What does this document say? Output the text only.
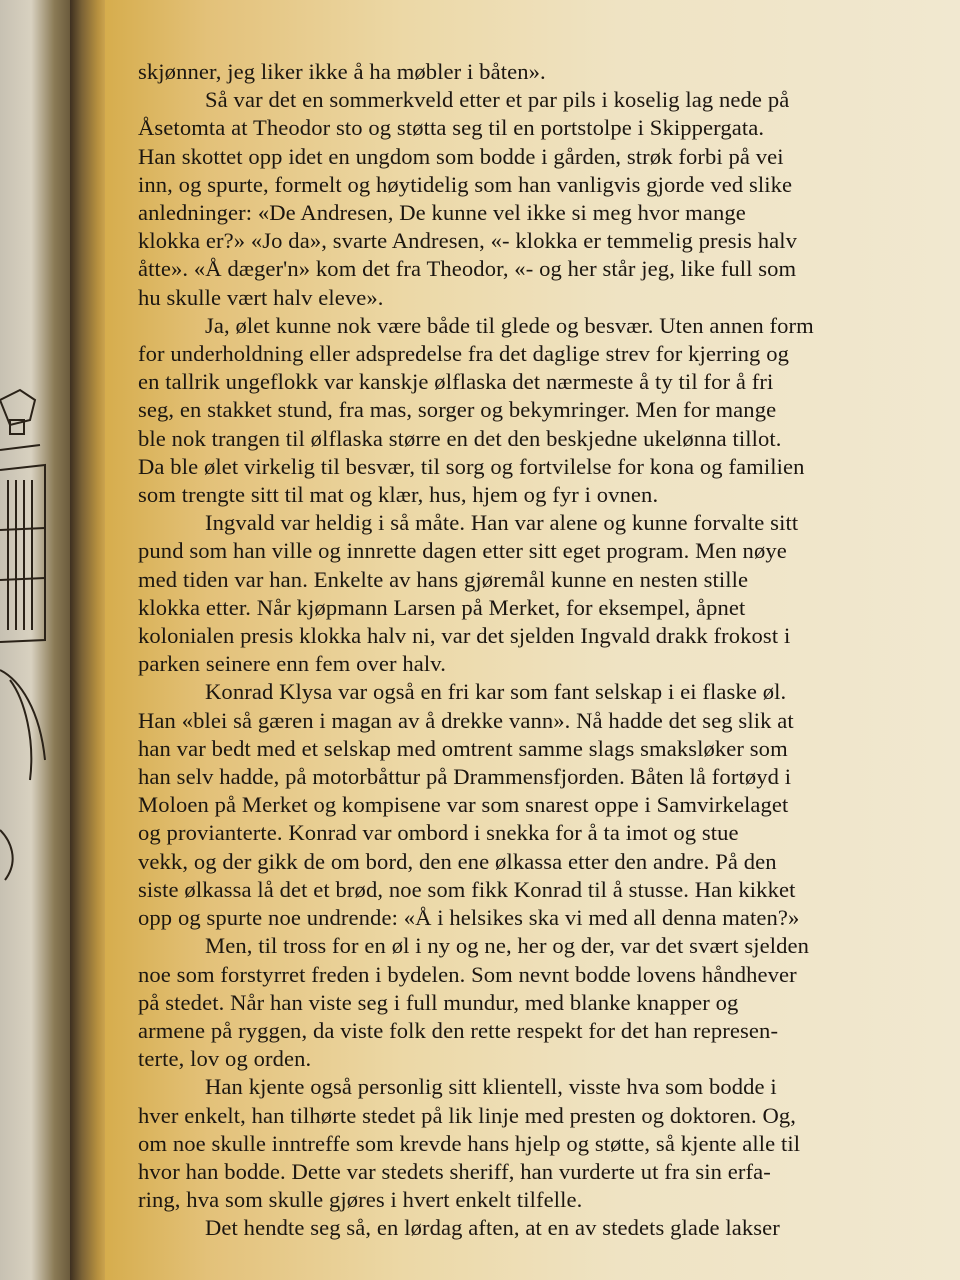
skjønner, jeg liker ikke å ha møbler i båten».

Så var det en sommerkveld etter et par pils i koselig lag nede på
Åsetomta at Theodor sto og støtta seg til en portstolpe i Skippergata.
Han skottet opp idet en ungdom som bodde i gården, strøk forbi på vei
inn, og spurte, formelt og høytidelig som han vanligvis gjorde ved slike
anledninger: «De Andresen, De kunne vel ikke si meg hvor mange
klokka er?» «Jo da», svarte Andresen, «- klokka er temmelig presis halv
åtte». «Å dæger'n» kom det fra Theodor, «- og her står jeg, like full som
hu skulle vært halv eleve».

Ja, ølet kunne nok være både til glede og besvær. Uten annen form
for underholdning eller adspredelse fra det daglige strev for kjerring og
en tallrik ungeflokk var kanskje ølflaska det nærmeste å ty til for å fri
seg, en stakket stund, fra mas, sorger og bekymringer. Men for mange
ble nok trangen til ølflaska større en det den beskjedne ukelønna tillot.
Da ble ølet virkelig til besvær, til sorg og fortvilelse for kona og familien
som trengte sitt til mat og klær, hus, hjem og fyr i ovnen.

Ingvald var heldig i så måte. Han var alene og kunne forvalte sitt
pund som han ville og innrette dagen etter sitt eget program. Men nøye
med tiden var han. Enkelte av hans gjøremål kunne en nesten stille
klokka etter. Når kjøpmann Larsen på Merket, for eksempel, åpnet
kolonialen presis klokka halv ni, var det sjelden Ingvald drakk frokost i
parken seinere enn fem over halv.

Konrad Klysa var også en fri kar som fant selskap i ei flaske øl.
Han «blei så gæren i magan av å drekke vann». Nå hadde det seg slik at
han var bedt med et selskap med omtrent samme slags smaksløker som
han selv hadde, på motorbåttur på Drammensfjorden. Båten lå fortøyd i
Moloen på Merket og kompisene var som snarest oppe i Samvirkelaget
og provianterte. Konrad var ombord i snekka for å ta imot og stue
vekk, og der gikk de om bord, den ene ølkassa etter den andre. På den
siste ølkassa lå det et brød, noe som fikk Konrad til å stusse. Han kikket
opp og spurte noe undrende: «Å i helsikes ska vi med all denna maten?»

Men, til tross for en øl i ny og ne, her og der, var det svært sjelden
noe som forstyrret freden i bydelen. Som nevnt bodde lovens håndhever
på stedet. Når han viste seg i full mundur, med blanke knapper og
armene på ryggen, da viste folk den rette respekt for det han represen-
terte, lov og orden.

Han kjente også personlig sitt klientell, visste hva som bodde i
hver enkelt, han tilhørte stedet på lik linje med presten og doktoren. Og,
om noe skulle inntreffe som krevde hans hjelp og støtte, så kjente alle til
hvor han bodde. Dette var stedets sheriff, han vurderte ut fra sin erfa-
ring, hva som skulle gjøres i hvert enkelt tilfelle.

Det hendte seg så, en lørdag aften, at en av stedets glade lakser
